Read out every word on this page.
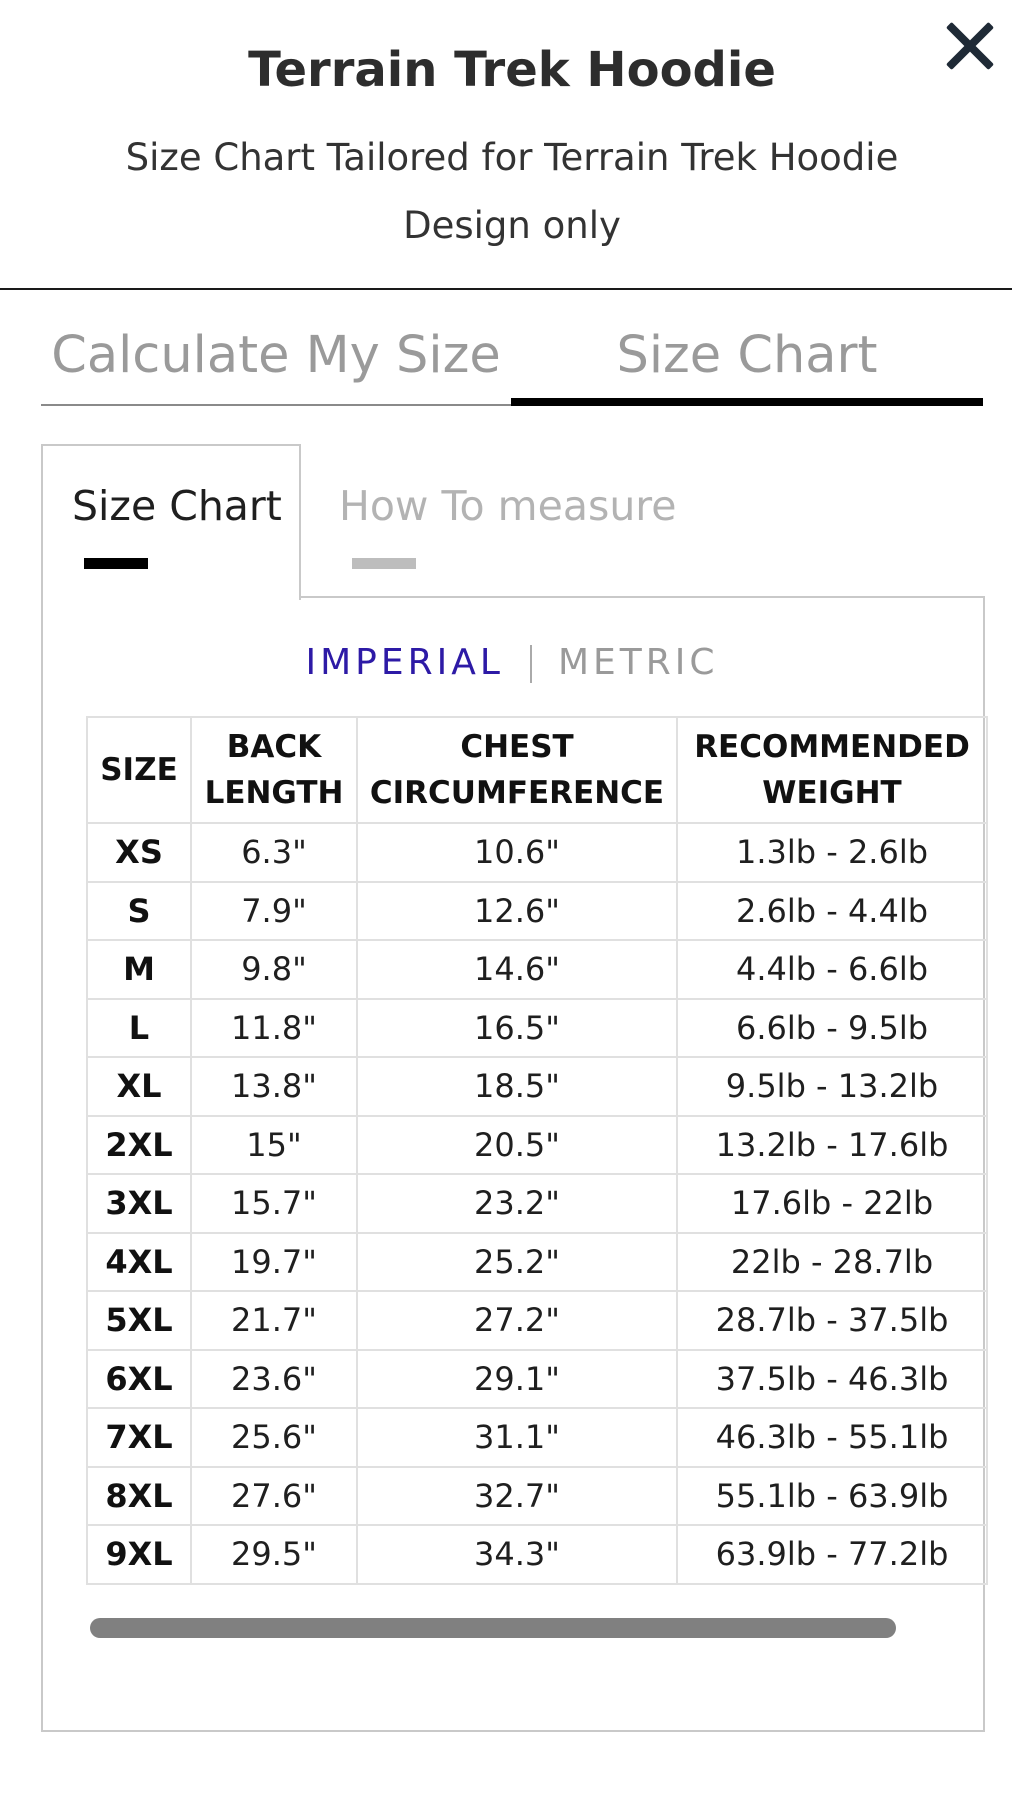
Terrain Trek Hoodie
Size Chart Tailored for Terrain Trek Hoodie Design only
Calculate My Size	Size Chart
Size Chart How To measure
IMPERIAL METRIC
SIZE	BACK LENGTH	CHEST CIRCUMFERENCE	RECOMMENDED WEIGHT
XS	6.3"	10.6"	1.3lb - 2.6lb
S	7.9"	12.6"	2.6lb - 4.4lb
M	9.8"	14.6"	4.4lb - 6.6lb
L	11.8"	16.5"	6.6lb - 9.5lb
XL	13.8"	18.5"	9.5lb - 13.2lb
2XL	15"	20.5"	13.2lb - 17.6lb
3XL	15.7"	23.2"	17.6lb - 22lb
4XL	19.7"	25.2"	22lb - 28.7lb
5XL	21.7"	27.2"	28.7lb - 37.5lb
6XL	23.6"	29.1"	37.5lb - 46.3lb
7XL	25.6"	31.1"	46.3lb - 55.1lb
8XL	27.6"	32.7"	55.1lb - 63.9lb
9XL	29.5"	34.3"	63.9lb - 77.2lb
